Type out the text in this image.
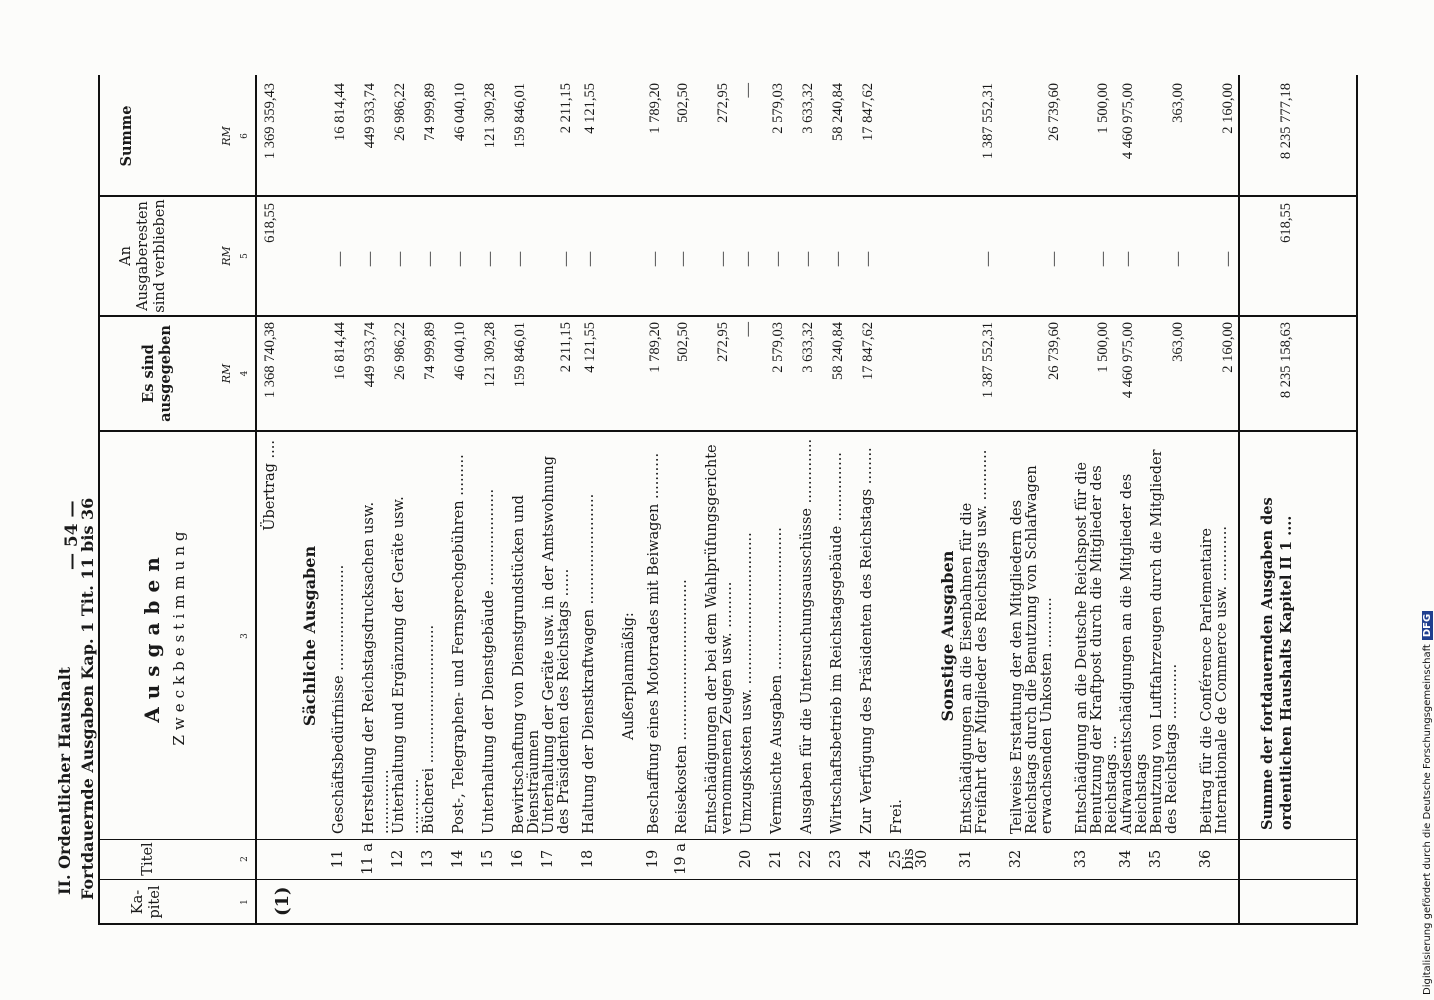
II. Ordentlicher Haushalt Fortdauernde Ausgaben Kap. 1 Tit. 11 bis 36
— 54 —
Ka- pitel
Titel
Ausgaben Zweckbestimmung
Es sind ausgegeben
Summe
An Ausgaberesten sind verblieben
RM
RM
RM
1
2
3
4
5
6
(1)
Übertrag ....
1 368 740,38
618,55
1 369 359,43
Sächliche Ausgaben
11
Geschäftsbedürfnisse .......................
16 814,44
—
16 814,44
11 a
Herstellung der Reichstagsdrucksachen usw. ..............
449 933,74
—
449 933,74
12
Unterhaltung und Ergänzung der Geräte usw. ............
26 986,22
—
26 986,22
13
Bücherei ..............................
74 999,89
—
74 999,89
14
Post-, Telegraphen- und Fernsprechgebühren .........
46 040,10
—
46 040,10
15
Unterhaltung der Dienstgebäude .....................
121 309,28
—
121 309,28
16
Bewirtschaftung von Dienstgrundstücken und Diensträumen
159 846,01
—
159 846,01
17
Unterhaltung der Geräte usw. in der Amtswohnung des Präsidenten des Reichstags ......
2 211,15
—
2 211,15
18
Haltung der Dienstkraftwagen ........................
4 121,55
—
4 121,55
Außerplanmäßig:
19
Beschaffung eines Motorrades mit Beiwagen ..........
1 789,20
—
1 789,20
19 a
Reisekosten ...................................
502,50
—
502,50
Entschädigungen der bei dem Wahlprüfungsgerichte vernommenen Zeugen usw. ..........
272,95
—
272,95
20
Umzugskosten usw. .................................
—
—
—
21
Vermischte Ausgaben ...............................
2 579,03
—
2 579,03
22
Ausgaben für die Untersuchungsausschüsse ..............
3 633,32
—
3 633,32
23
Wirtschaftsbetrieb im Reichstagsgebäude ...............
58 240,84
—
58 240,84
24
Zur Verfügung des Präsidenten des Reichstags ........
17 847,62
—
17 847,62
25 bis 30
Frei.
31
Entschädigungen an die Eisenbahnen für die Freifahrt der Mitglieder des Reichstags usw. ...........
1 387 552,31
—
1 387 552,31
32
Teilweise Erstattung der den Mitgliedern des Reichstags durch die Benutzung von Schlafwagen erwachsenden Unkosten ...........
26 739,60
—
26 739,60
33
Entschädigung an die Deutsche Reichspost für die Benutzung der Kraftpost durch die Mitglieder des Reichstags ...
1 500,00
—
1 500,00
34
Aufwandsentschädigungen an die Mitglieder des Reichstags
4 460 975,00
—
4 460 975,00
35
Benutzung von Luftfahrzeugen durch die Mitglieder des Reichstags ............
363,00
—
363,00
36
Beitrag für die Conférence Parlementaire Internationale de Commerce usw. ............
2 160,00
—
2 160,00
Sonstige Ausgaben	Summe der fortdauernden Ausgaben des ordentlichen Haushalts Kapitel II 1 ....
8 235 158,63
618,55
8 235 777,18
Digitalisierung gefördert durch die Deutsche ForschungsgemeinschaftDFG
